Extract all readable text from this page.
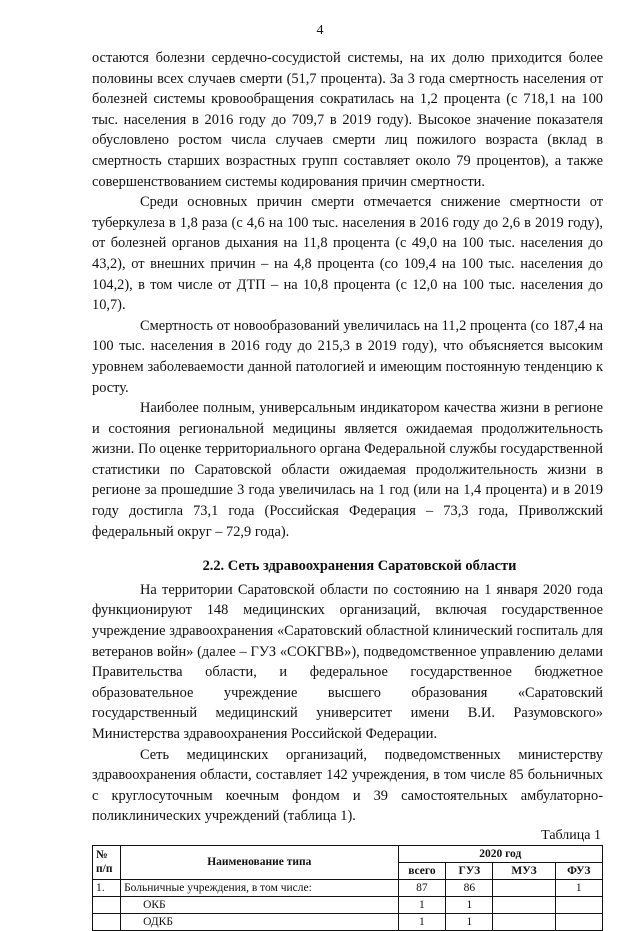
4

остаются болезни сердечно-сосудистой системы, на их долю приходится более половины всех случаев смерти (51,7 процента). За 3 года смертность населения от болезней системы кровообращения сократилась на 1,2 процента (с 718,1 на 100 тыс. населения в 2016 году до 709,7 в 2019 году). Высокое значение показателя обусловлено ростом числа случаев смерти лиц пожилого возраста (вклад в смертность старших возрастных групп составляет около 79 процентов), а также совершенствованием системы кодирования причин смертности.

Среди основных причин смерти отмечается снижение смертности от туберкулеза в 1,8 раза (с 4,6 на 100 тыс. населения в 2016 году до 2,6 в 2019 году), от болезней органов дыхания на 11,8 процента (с 49,0 на 100 тыс. населения до 43,2), от внешних причин – на 4,8 процента (со 109,4 на 100 тыс. населения до 104,2), в том числе от ДТП – на 10,8 процента (с 12,0 на 100 тыс. населения до 10,7).

Смертность от новообразований увеличилась на 11,2 процента (со 187,4 на 100 тыс. населения в 2016 году до 215,3 в 2019 году), что объясняется высоким уровнем заболеваемости данной патологией и имеющим постоянную тенденцию к росту.

Наиболее полным, универсальным индикатором качества жизни в регионе и состояния региональной медицины является ожидаемая продолжительность жизни. По оценке территориального органа Федеральной службы государственной статистики по Саратовской области ожидаемая продолжительность жизни в регионе за прошедшие 3 года увеличилась на 1 год (или на 1,4 процента) и в 2019 году достигла 73,1 года (Российская Федерация – 73,3 года, Приволжский федеральный округ – 72,9 года).

2.2. Сеть здравоохранения Саратовской области

На территории Саратовской области по состоянию на 1 января 2020 года функционируют 148 медицинских организаций, включая государственное учреждение здравоохранения «Саратовский областной клинический госпиталь для ветеранов войн» (далее – ГУЗ «СОКГВВ»), подведомственное управлению делами Правительства области, и федеральное государственное бюджетное образовательное учреждение высшего образования «Саратовский государственный медицинский университет имени В.И. Разумовского» Министерства здравоохранения Российской Федерации.

Сеть медицинских организаций, подведомственных министерству здравоохранения области, составляет 142 учреждения, в том числе 85 больничных с круглосуточным коечным фондом и 39 самостоятельных амбулаторно-поликлинических учреждений (таблица 1).

Таблица 1
№ п/п	Наименование типа	2020 год			
		всего	ГУЗ	МУЗ	ФУЗ
1.	Больничные учреждения, в том числе:	87	86		1
	ОКБ	1	1		
	ОДКБ	1	1		
